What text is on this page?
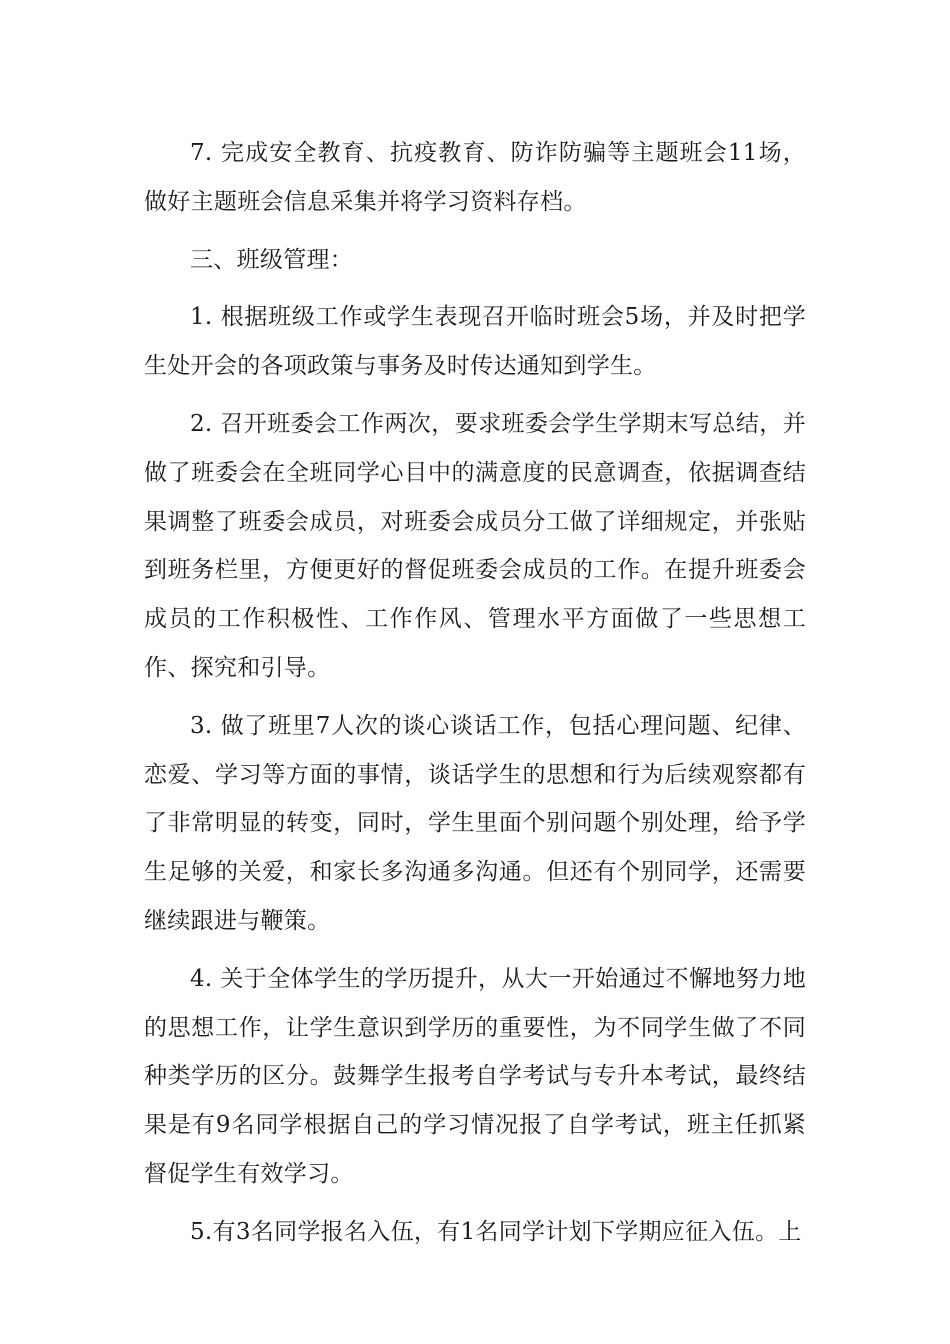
7. 完成安全教育、抗疫教育、防诈防骗等主题班会11场，做好主题班会信息采集并将学习资料存档。

三、班级管理：

1. 根据班级工作或学生表现召开临时班会5场，并及时把学生处开会的各项政策与事务及时传达通知到学生。

2. 召开班委会工作两次，要求班委会学生学期末写总结，并做了班委会在全班同学心目中的满意度的民意调查，依据调查结果调整了班委会成员，对班委会成员分工做了详细规定，并张贴到班务栏里，方便更好的督促班委会成员的工作。在提升班委会成员的工作积极性、工作作风、管理水平方面做了一些思想工作、探究和引导。

3. 做了班里7人次的谈心谈话工作，包括心理问题、纪律、恋爱、学习等方面的事情，谈话学生的思想和行为后续观察都有了非常明显的转变，同时，学生里面个别问题个别处理，给予学生足够的关爱，和家长多沟通多沟通。但还有个别同学，还需要继续跟进与鞭策。

4. 关于全体学生的学历提升，从大一开始通过不懈地努力地的思想工作，让学生意识到学历的重要性，为不同学生做了不同种类学历的区分。鼓舞学生报考自学考试与专升本考试，最终结果是有9名同学根据自己的学习情况报了自学考试，班主任抓紧督促学生有效学习。

5.有3名同学报名入伍，有1名同学计划下学期应征入伍。上
